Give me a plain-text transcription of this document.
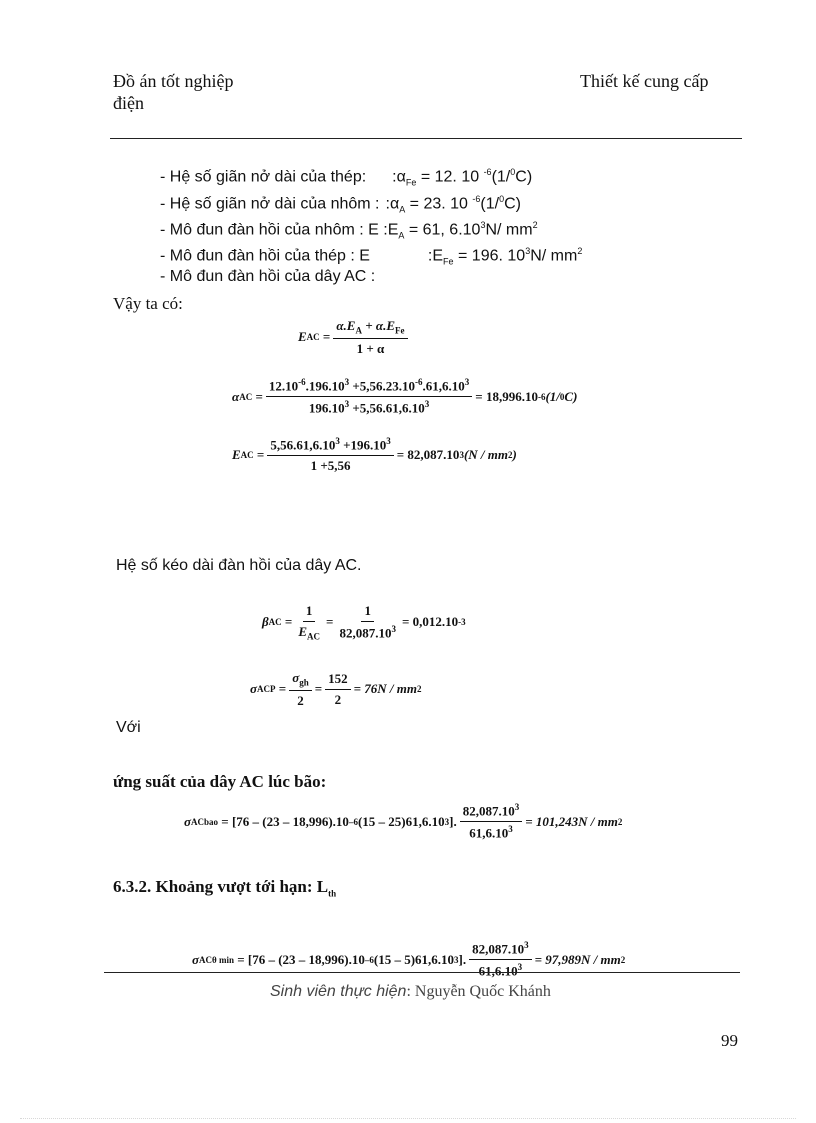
Đồ án tốt nghiệp
điện
Thiết kế cung cấp
- Hệ số giãn nở dài của thép: $:\alpha_{Fe} = 12$. 10 $^{-6}$(1/$^0$C)
- Hệ số giãn nở dài của nhôm : $:\alpha_A = 23$. 10 $^{-6}$(1/$^0$C)
- Mô đun đàn hồi của nhôm : E $:E_A = 61$, 6.10$^3$N/ $mm^2$
- Mô đun đàn hồi của thép : E	$:E_{Fe} = 196$. $10^3N/$ $mm^2$
- Mô đun đàn hồi của dây AC :
Vậy ta có:
E AC = $\frac{\alpha.E_A + \alpha.E_{Fe}}{1 + \alpha}$
α AC = $\frac{12.10^{-6}.196.10^3 +5,56.23.10^{-6}.61,6.10^3}{196.10^3 +5,56.61,6.10^3} = 18,996.10$ -6 (1/ 0 C)
E AC = $\frac{5,56.61,6.10^3 +196.10^3}{1 +5,56} = 82,087.10$ 3 (N / mm 2 )
Hệ số kéo dài đàn hồi của dây AC.
β AC = $\frac{1}{E_{AC}} = \frac{1}{82,087.10^3} = 0,012.10$ -3
σ ACP = $\frac{\sigma_{gh}}{2} = \frac{152}{2} = 76N$ / mm 2
Với
ứng suất của dây AC lúc bão:
σ ACbao
= [76 – (23 – 18,996).10 –6 (15 – 25)61,6.10 3 ]. $\frac{82,087.10^3}{61,6.10^3} = 101,243N$ / mm 2
6.3.2. Khoảng vượt tới hạn: $L_{th}$
σ ACθ min
= [76 – (23 – 18,996).10 –6 (15 – 5)61,6.10 3 ]. $\frac{82,087.10^3}{61,6.10^3} = 97,989N$ / mm 2
Sinh viên thực hiện: Nguyễn Quốc Khánh
99
